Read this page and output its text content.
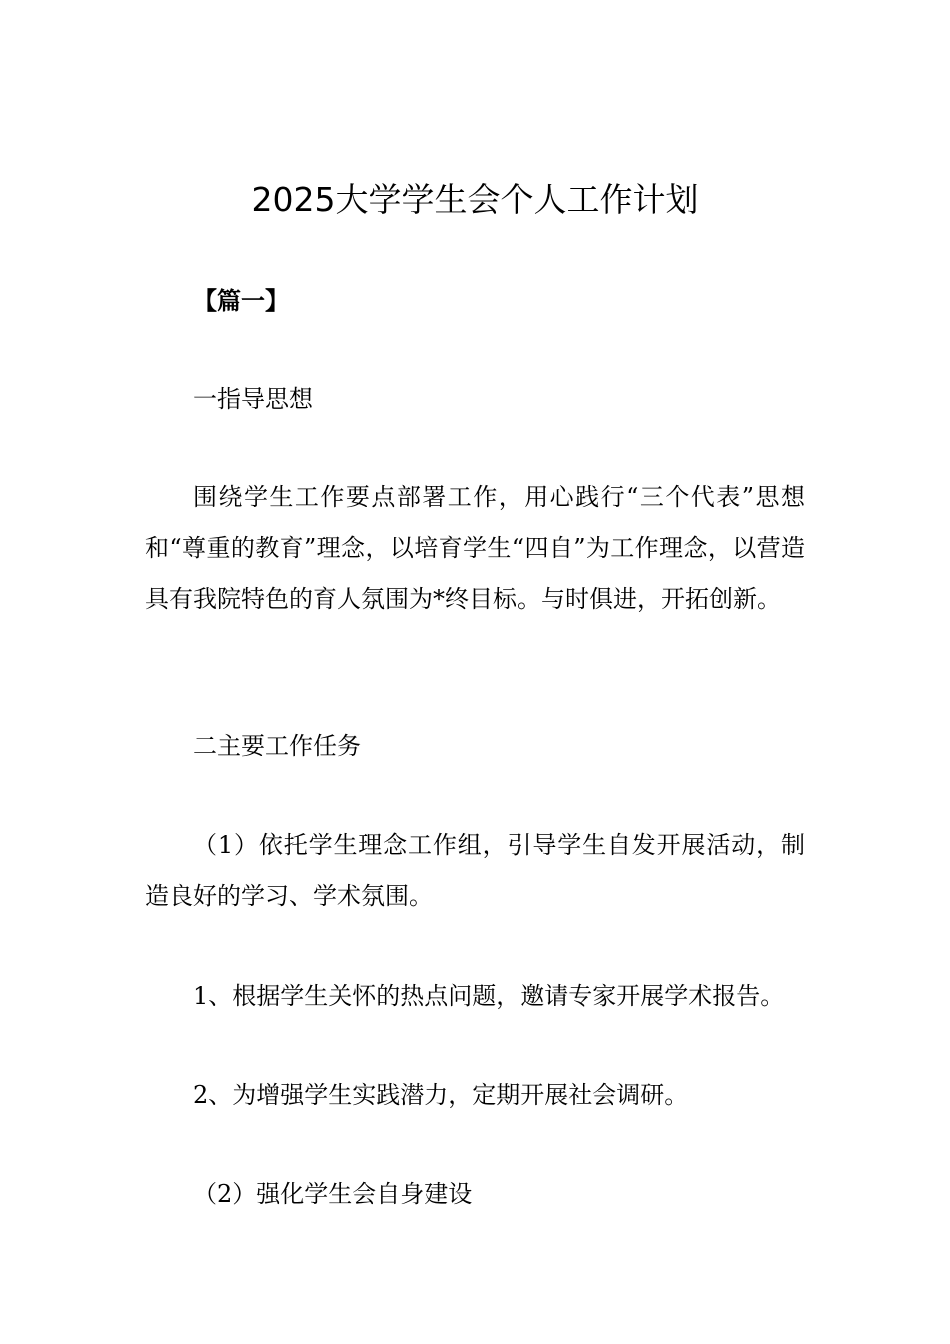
2025大学学生会个人工作计划
【篇一】
一指导思想
围绕学生工作要点部署工作，用心践行“三个代表”思想和“尊重的教育”理念，以培育学生“四自”为工作理念，以营造具有我院特色的育人氛围为*终目标。与时俱进，开拓创新。
二主要工作任务
（1）依托学生理念工作组，引导学生自发开展活动，制造良好的学习、学术氛围。
1、根据学生关怀的热点问题，邀请专家开展学术报告。
2、为增强学生实践潜力，定期开展社会调研。
（2）强化学生会自身建设
